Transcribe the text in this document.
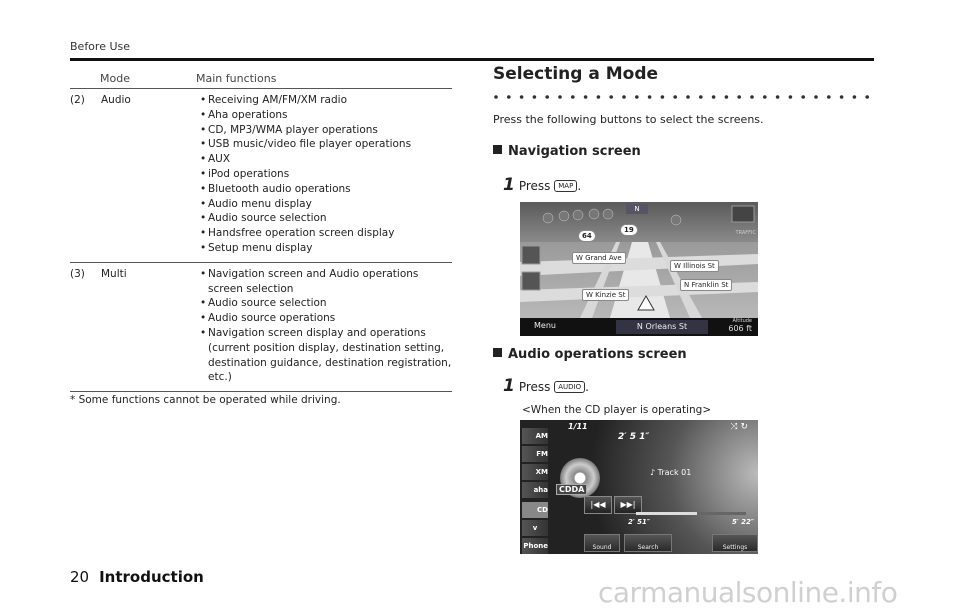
Before Use
Mode	Main functions
(2) Audio	• Receiving AM/FM/XM radio
• Aha operations
• CD, MP3/WMA player operations
• USB music/video file player operations
• AUX
• iPod operations
• Bluetooth audio operations
• Audio menu display
• Audio source selection
• Handsfree operation screen display
• Setup menu display
(3) Multi	• Navigation screen and Audio operations screen selection
• Audio source selection
• Audio source operations
• Navigation screen display and operations (current position display, destination setting, destination guidance, destination registration, etc.)
* Some functions cannot be operated while driving.
Selecting a Mode
Press the following buttons to select the screens.
Navigation screen
1 Press MAP .
N
19
64
W Grand Ave
W Illinois St
N Franklin St
W Kinzie St
TRAFFIC
Menu	N Orleans St
Altitude
606 ft
Audio operations screen
1 Press AUDIO .
<When the CD player is operating>
AM
FM
XM
aha
CD
v
Phone
1/11
2′ 5 1″
⤨ ↻
CDDA
♪ Track 01
|◀◀	▶▶|
2′ 51″	5′ 22″
Sound	Search	Settings
20 Introduction	carmanualsonline.info
